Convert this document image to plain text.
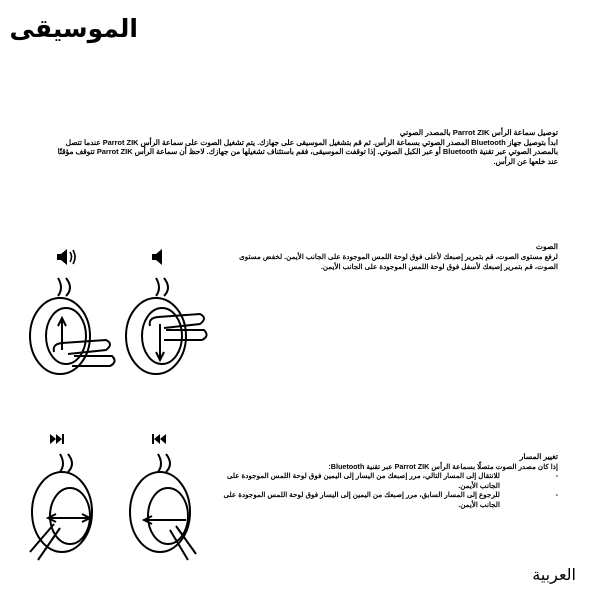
الموسيقى
توصيل سماعة الرأس Parrot ZIK بالمصدر الصوتي
ابدأ بتوصيل جهاز Bluetooth المصدر الصوتي بسماعة الرأس. ثم قم بتشغيل الموسيقى على جهازك. يتم تشغيل الصوت على سماعة الرأس Parrot ZIK عندما تتصل بالمصدر الصوتي عبر تقنية Bluetooth أو عبر الكبل الصوتي. إذا توقفت الموسيقى، فقم باستئناف تشغيلها من جهازك. لاحظ أن سماعة الرأس Parrot ZIK تتوقف مؤقتًا عند خلعها عن الرأس.
الصوت
لرفع مستوى الصوت، قم بتمرير إصبعك لأعلى فوق لوحة اللمس الموجودة على الجانب الأيمن. لخفض مستوى الصوت، قم بتمرير إصبعك لأسفل فوق لوحة اللمس الموجودة على الجانب الأيمن.
تغيير المسار
إذا كان مصدر الصوت متصلًا بسماعة الرأس Parrot ZIK عبر تقنية Bluetooth:
- للانتقال إلى المسار التالي، مرر إصبعك من اليسار إلى اليمين فوق لوحة اللمس الموجودة على الجانب الأيمن.
- للرجوع إلى المسار السابق، مرر إصبعك من اليمين إلى اليسار فوق لوحة اللمس الموجودة على الجانب الأيمن.
العربية
